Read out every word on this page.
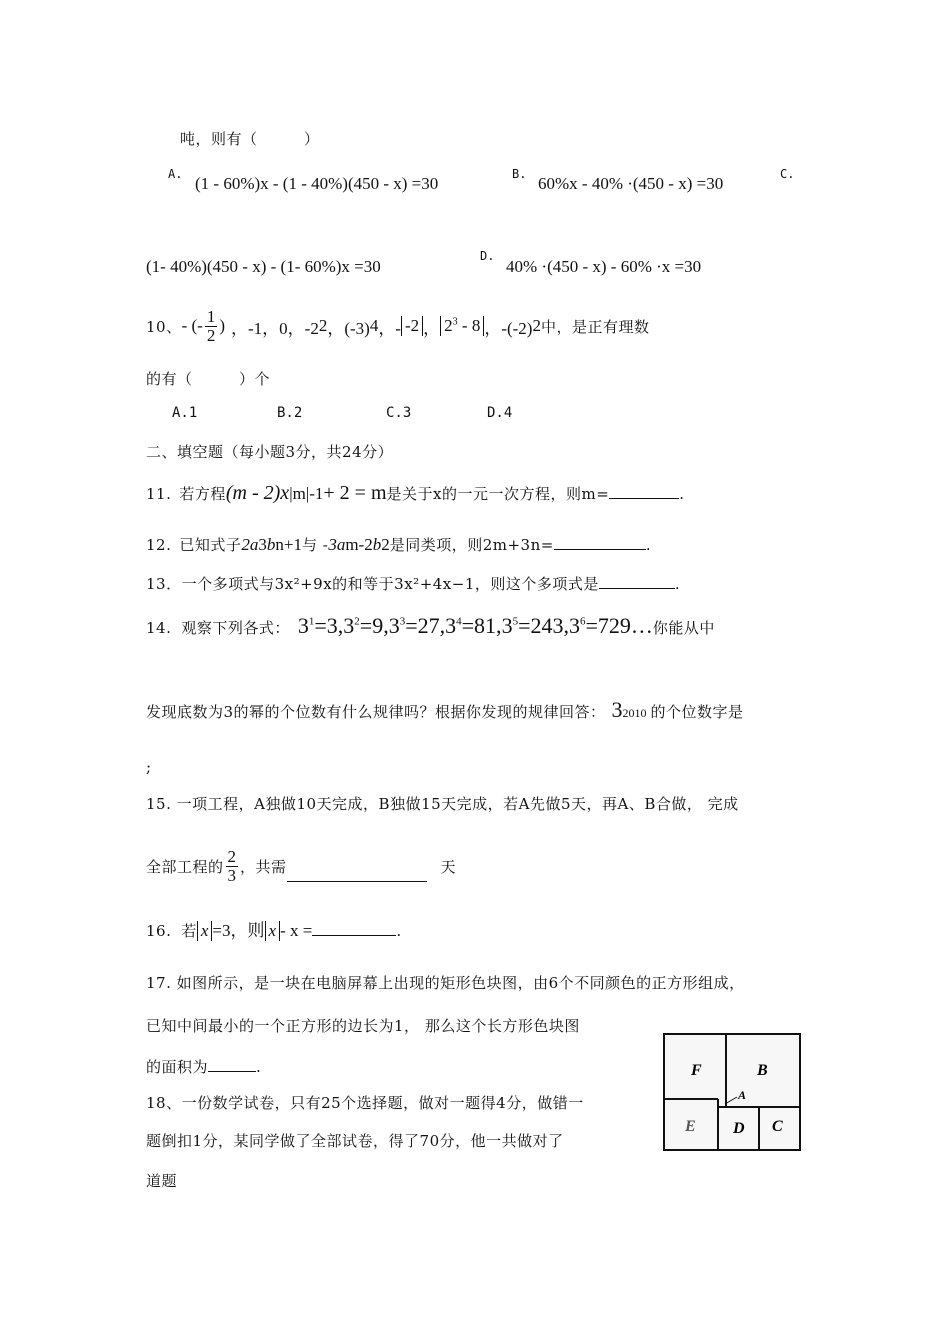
吨，则有（　　　）
A. (1 - 60%)x - (1 - 40%)(450 - x) =30	B. 60%x - 40% ·(450 - x) =30	C.
(1- 40%)(450 - x) - (1- 60%)x =30
D.
40% ·(450 - x) - 60% ·x =30
10、 - (- $\frac{1}{2}$ ) ，-1，0，-2 2 ，(-3) 4 ，- -2 ， $2^3 - 8$ ，-(-2) 2 中，是正有理数
的有（　　　）个
A.1	B.2	C.3	D.4
二、填空题（每小题3分，共24分）
11. 若方程 (m - 2)x |m|-1 + 2 = m 是关于x的一元一次方程，则m=	.
12. 已知式子 2a 3 b n+1 与 - 3a m-2 b 2 是同类项，则2m+3n=	.
13．一个多项式与3x²+9x的和等于3x²+4x−1，则这个多项式是	.
14. 观察下列各式： $3^1=3,3^2=9,3^3=27,3^4=81,3^5=243,3^6=729\dots$ 你能从中
发现底数为3的幂的个位数有什么规律吗？根据你发现的规律回答： $3_{2010}$ 的个位数字是
;
15. 一项工程，A独做10天完成，B独做15天完成，若A先做5天，再A、B合做， 完成
全部工程的 $\frac{2}{3}$ ，共需	天
16. 若 x =3，则 x - x =	.
17. 如图所示，是一块在电脑屏幕上出现的矩形色块图，由6个不同颜色的正方形组成，
已知中间最小的一个正方形的边长为1， 那么这个长方形色块图
的面积为	.	F	B
A
E D C
18、一份数学试卷，只有25个选择题，做对一题得4分，做错一
题倒扣1分，某同学做了全部试卷，得了70分，他一共做对了
道题
